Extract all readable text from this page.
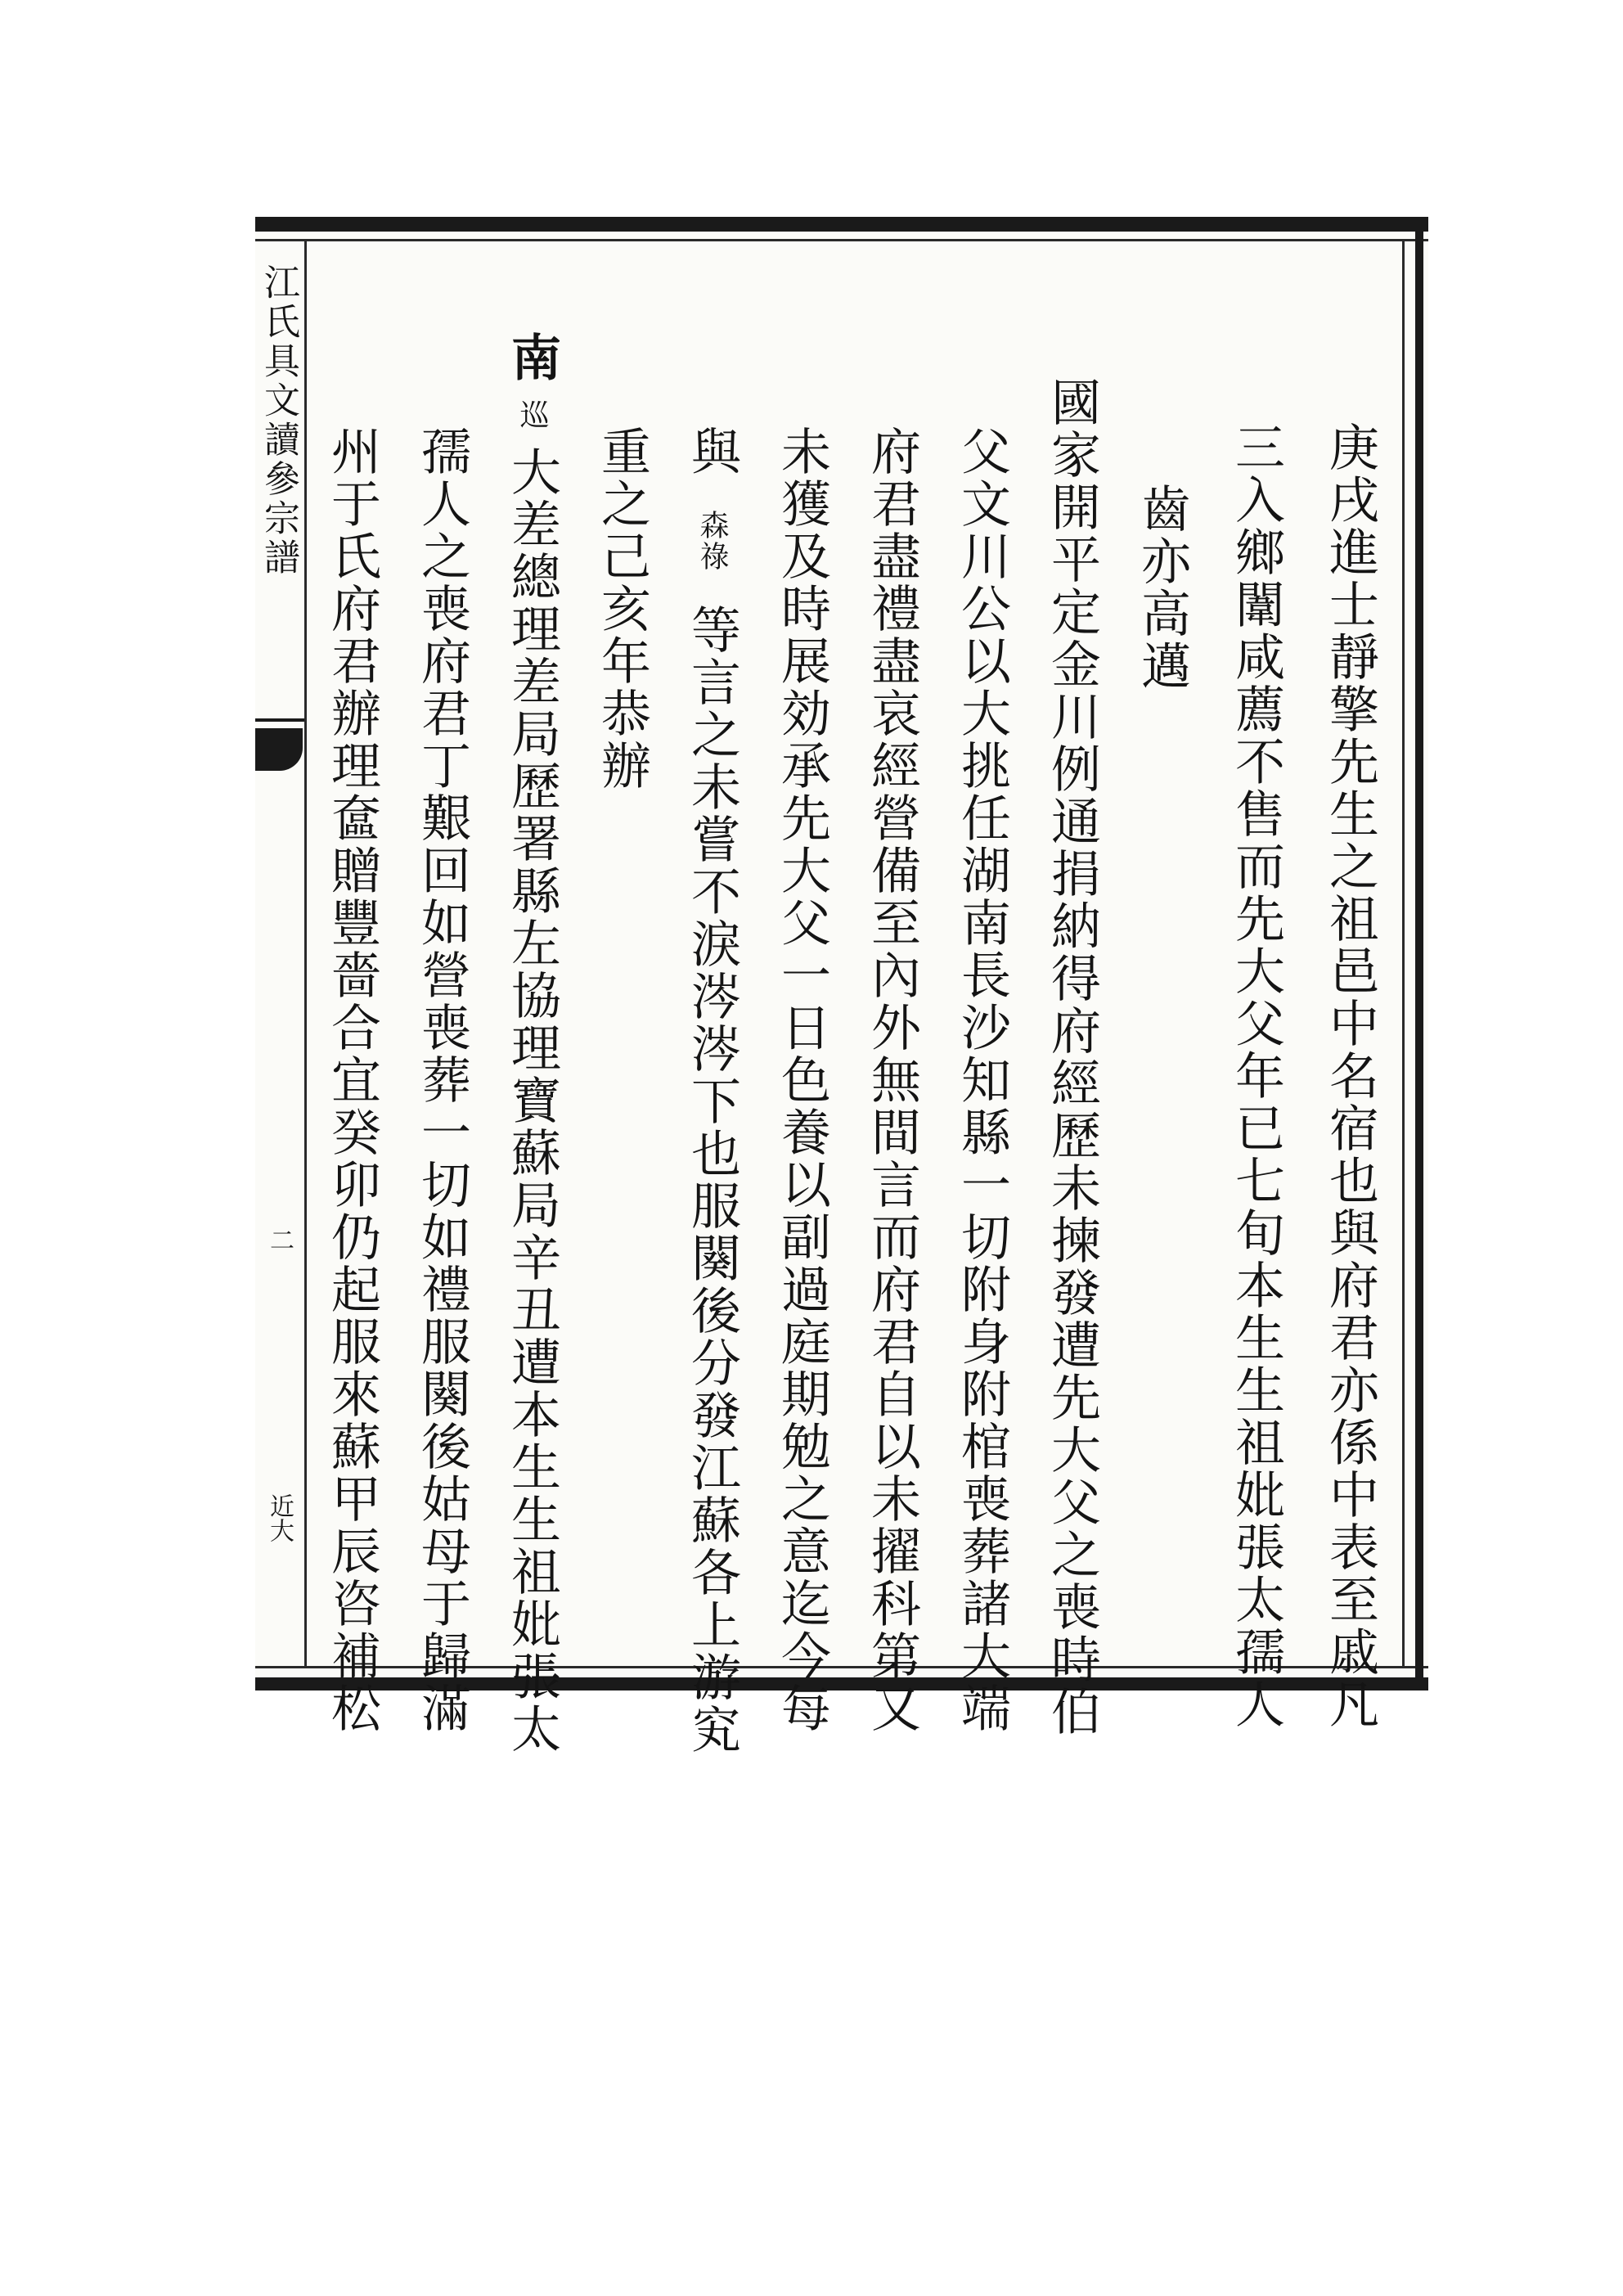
江氏具文讀參宗譜

二

近大	庚戌進士靜擎先生之祖邑中名宿也與府君亦係中表至戚凡

三入鄉闈咸薦不售而先大父年已七旬本生生祖妣張太孺人

齒亦高邁

國家開平定金川例通捐納得府經歷未揀發遭先大父之喪時伯

父文川公以大挑任湖南長沙知縣一切附身附棺喪葬諸大端

府君盡禮盡哀經營備至內外無間言而府君自以未擢科第又

未獲及時展効承先大父一日色養以副過庭期勉之意迄今每

與 森祿 等言之未嘗不淚涔涔下也服闋後分發江蘇各上游䆒

重之己亥年恭辦

南 巡 大差總理差局歷署縣左協理寶蘇局辛丑遭本生生祖妣張太

孺人之喪府君丁艱回如營喪葬一切如禮服闋後姑母于歸滿

州于氏府君辦理奩贈豐嗇合宜癸卯仍起服來蘇甲辰咨補松
